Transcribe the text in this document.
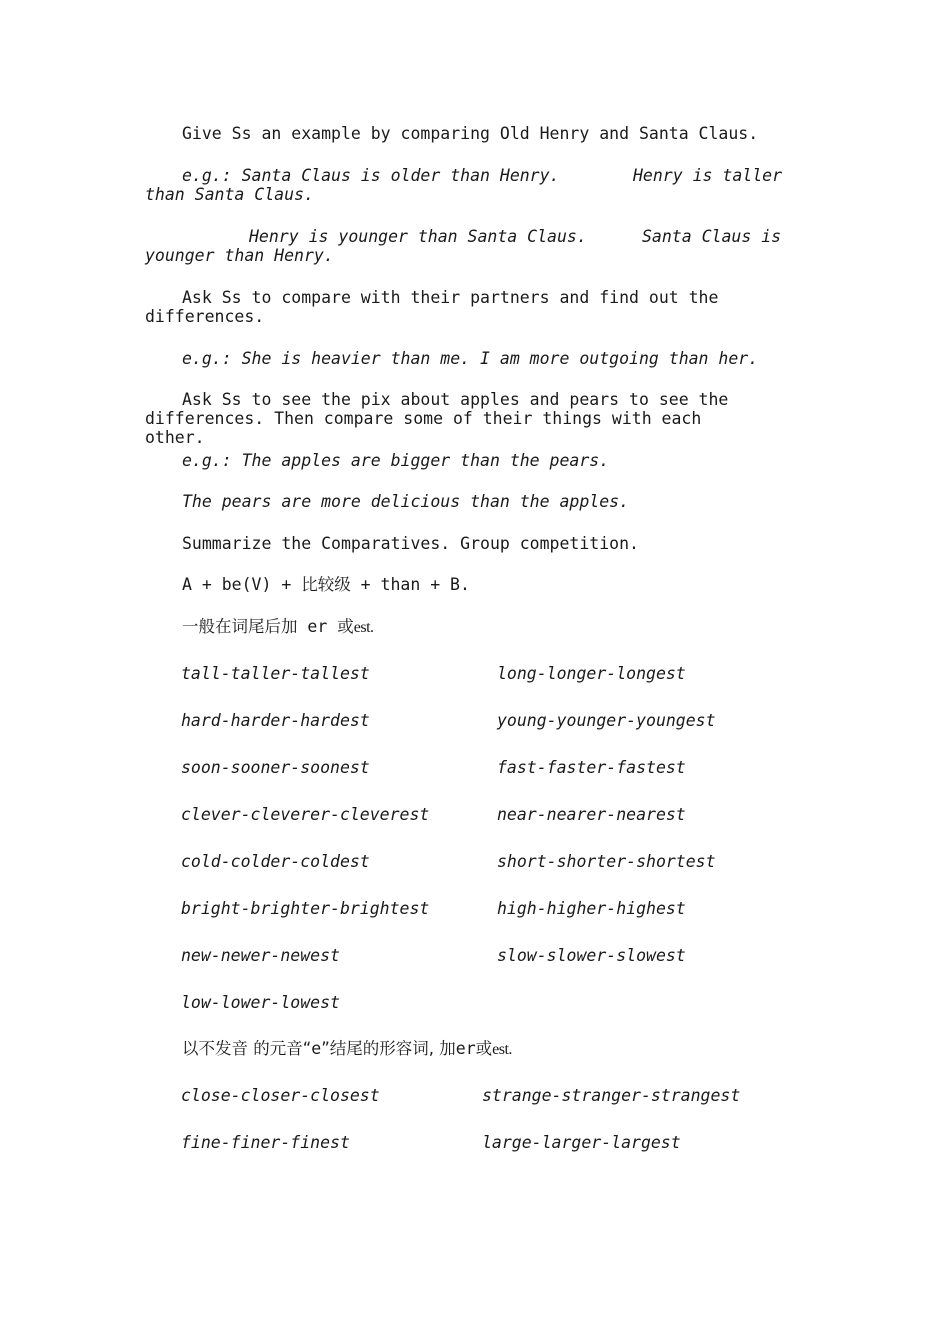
Give Ss an example by comparing Old Henry and Santa Claus.

e.g.: Santa Claus is older than Henry.

	Henry is taller

than Santa Claus.

Henry is younger than Santa Claus.

	Santa Claus is

younger than Henry.

Ask Ss to compare with their partners and find out the differences.
e.g.: She is heavier than me. I am more outgoing than her.
Ask Ss to see the pix about apples and pears to see the differences. Then compare some of their things with each other.
e.g.: The apples are bigger than the pears.
The pears are more delicious than the apples.
Summarize the Comparatives. Group competition.
A + be(V) + 比较级 + than + B.
一般在词尾后加 er 或est.
tall-taller-tallest	long-longer-longest
hard-harder-hardest	young-younger-youngest
soon-sooner-soonest	fast-faster-fastest
clever-cleverer-cleverest	near-nearer-nearest
cold-colder-coldest	short-shorter-shortest
bright-brighter-brightest	high-higher-highest
new-newer-newest	slow-slower-slowest
low-lower-lowest
以不发音 的元音“e”结尾的形容词, 加er或est.
close-closer-closest	strange-stranger-strangest
fine-finer-finest	large-larger-largest
